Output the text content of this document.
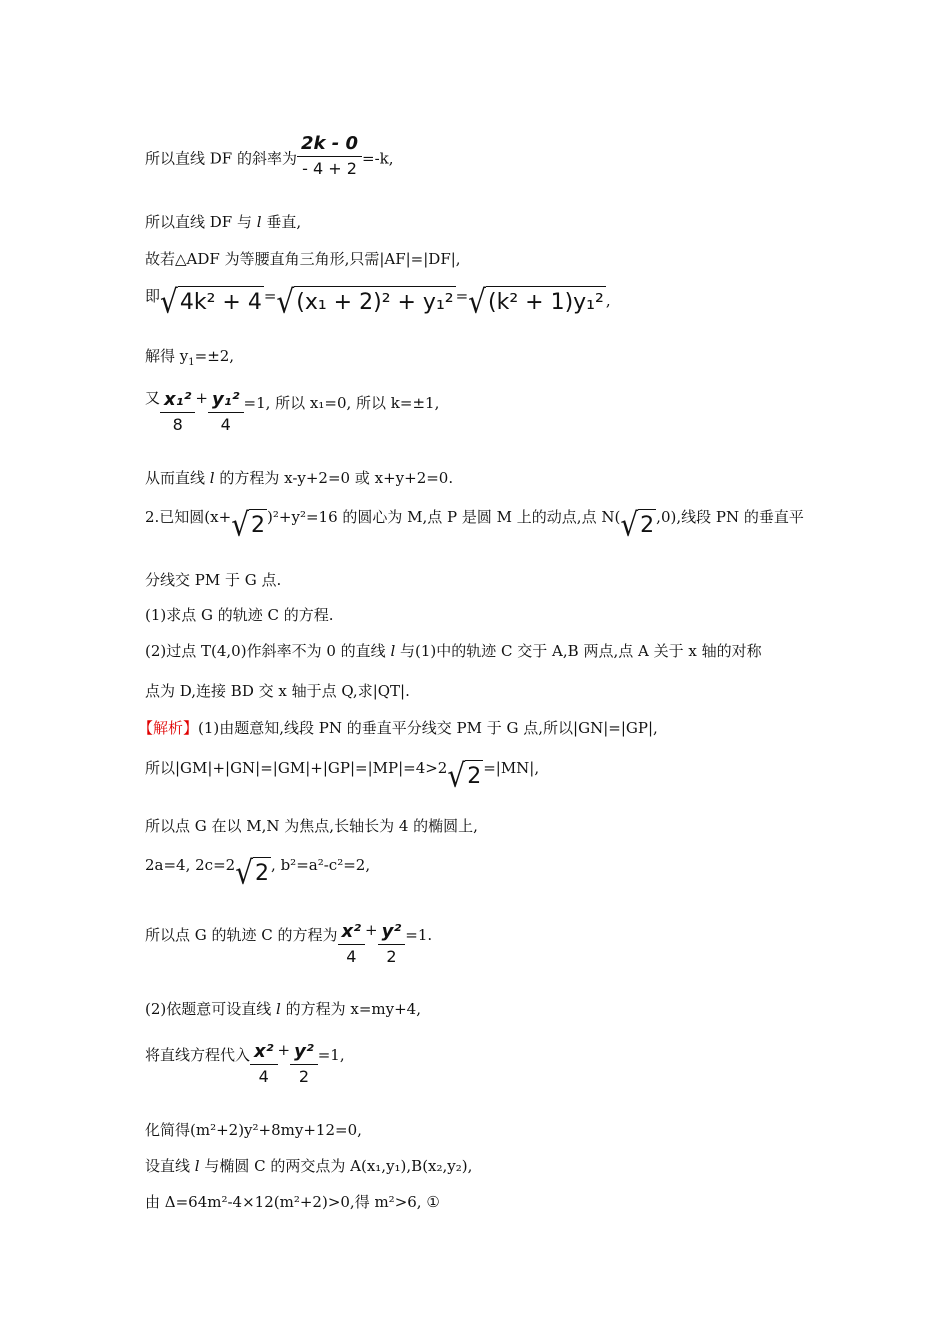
所以直线 DF 的斜率为 $\frac{2k - 0}{- 4 + 2} =-k$,
所以直线 DF 与 l 垂直,
故若△ADF 为等腰直角三角形,只需|AF|=|DF|,
即√4k² + 4 =√(x₁ + 2)² + y₁² =√(k² + 1)y₁² ,
解得 $y_1=\pm 2$,
又 $\frac{\text{x₁²}}{8} + \frac{\text{y₁²}}{4} =1$, 所以 x₁=0, 所以 k=±1,
从而直线 l 的方程为 x-y+2=0 或 x+y+2=0.
2.已知圆(x+√2 )²+y²=16 的圆心为 M,点 P 是圆 M 上的动点,点 N(√2 ,0),线段 PN 的垂直平
分线交 PM 于 G 点.
(1)求点 G 的轨迹 C 的方程.
(2)过点 T(4,0)作斜率不为 0 的直线 l 与(1)中的轨迹 C 交于 A,B 两点,点 A 关于 x 轴的对称
点为 D,连接 BD 交 x 轴于点 Q,求|QT|.
【解析】(1)由题意知,线段 PN 的垂直平分线交 PM 于 G 点,所以|GN|=|GP|,
所以|GM|+|GN|=|GM|+|GP|=|MP|=4>2√2 =|MN|,
所以点 G 在以 M,N 为焦点,长轴长为 4 的椭圆上,
2a=4, 2c=2√2 , b²=a²-c²=2,
所以点 G 的轨迹 C 的方程为 $\frac{\text{x²}}{4} + \frac{\text{y²}}{2} =1$.
(2)依题意可设直线 l 的方程为 x=my+4,
将直线方程代入 $\frac{\text{x²}}{4} + \frac{\text{y²}}{2} =1$,
化简得(m²+2)y²+8my+12=0,
设直线 l 与椭圆 C 的两交点为 A(x₁,y₁),B(x₂,y₂),
由 Δ=64m²-4×12(m²+2)>0,得 m²>6, ①
